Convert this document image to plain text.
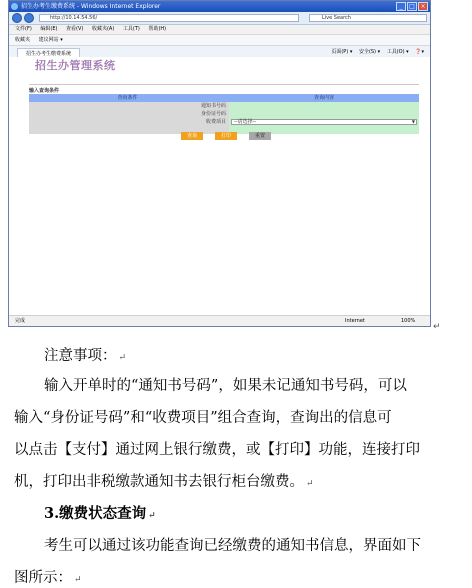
招生办考生缴费系统 - Windows Internet Explorer	_	□ ×
http://10.14.54.56/	Live Search
文件(F) 编辑(E) 查看(V) 收藏夹(A) 工具(T) 帮助(H)
收藏夹 建议网站 ▾
招生办考生缴费系统	页面(P) ▾ 安全(S) ▾ 工具(O) ▾ ❓▾
招生办管理系统
输入查询条件
查询条件	查询内容
通知书号码
身份证号码
收费项目	--请选择--	▼
查询	打印	重置
完成	Internet	100%
↵
注意事项： ↵
输入开单时的“通知书号码”，如果未记通知书号码，可以
输入“身份证号码”和“收费项目”组合查询，查询出的信息可
以点击【支付】通过网上银行缴费，或【打印】功能，连接打印
机，打印出非税缴款通知书去银行柜台缴费。 ↵
3.缴费状态查询 ↵
考生可以通过该功能查询已经缴费的通知书信息，界面如下
图所示： ↵
